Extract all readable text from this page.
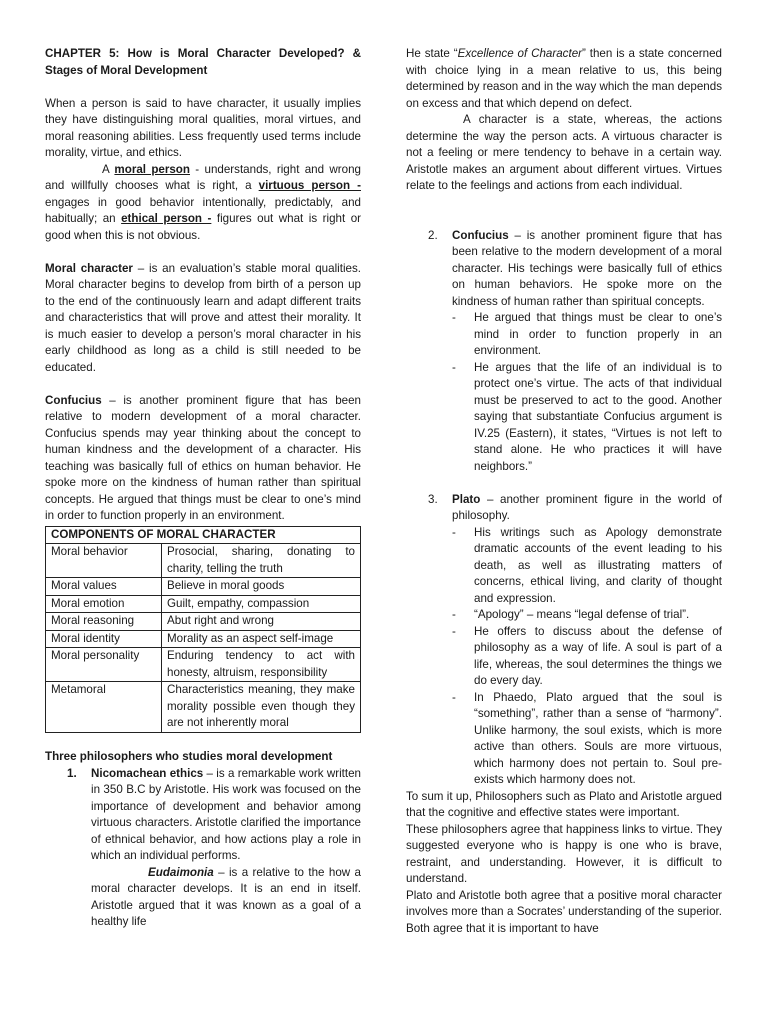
CHAPTER 5: How is Moral Character Developed? & Stages of Moral Development

When a person is said to have character, it usually implies they have distinguishing moral qualities, moral virtues, and moral reasoning abilities. Less frequently used terms include morality, virtue, and ethics.

A moral person - understands, right and wrong and willfully chooses what is right, a virtuous person - engages in good behavior intentionally, predictably, and habitually; an ethical person - figures out what is right or good when this is not obvious.

Moral character – is an evaluation’s stable moral qualities. Moral character begins to develop from birth of a person up to the end of the continuously learn and adapt different traits and characteristics that will prove and attest their morality. It is much easier to develop a person’s moral character in his early childhood as long as a child is still needed to be educated.

Confucius – is another prominent figure that has been relative to modern development of a moral character. Confucius spends may year thinking about the concept to human kindness and the development of a character. His teaching was basically full of ethics on human behavior. He spoke more on the kindness of human rather than spiritual concepts. He argued that things must be clear to one’s mind in order to function properly in an environment.

COMPONENTS OF MORAL CHARACTER	
Moral behavior	Prosocial, sharing, donating to charity, telling the truth
Moral values	Believe in moral goods
Moral emotion	Guilt, empathy, compassion
Moral reasoning	Abut right and wrong
Moral identity	Morality as an aspect self-image
Moral personality	Enduring tendency to act with honesty, altruism, responsibility
Metamoral	Characteristics meaning, they make morality possible even though they are not inherently moral

Three philosophers who studies moral development

1.	Nicomachean ethics – is a remarkable work written in 350 B.C by Aristotle. His work was focused on the importance of development and behavior among virtuous characters. Aristotle clarified the importance of ethnical behavior, and how actions play a role in which an individual performs.

Eudaimonia – is a relative to the how a moral character develops. It is an end in itself. Aristotle argued that it was known as a goal of a healthy life

He state “Excellence of Character” then is a state concerned with choice lying in a mean relative to us, this being determined by reason and in the way which the man depends on excess and that which depend on defect.

A character is a state, whereas, the actions determine the way the person acts. A virtuous character is not a feeling or mere tendency to behave in a certain way. Aristotle makes an argument about different virtues. Virtues relate to the feelings and actions from each individual.

2.	Confucius – is another prominent figure that has been relative to the modern development of a moral character. His techings were basically full of ethics on human behaviors. He spoke more on the kindness of human rather than spiritual concepts.
-	He argued that things must be clear to one’s mind in order to function properly in an environment.
-	He argues that the life of an individual is to protect one’s virtue. The acts of that individual must be preserved to act to the good. Another saying that substantiate Confucius argument is IV.25 (Eastern), it states, “Virtues is not left to stand alone. He who practices it will have neighbors.”
3.	Plato – another prominent figure in the world of philosophy.
-	His writings such as Apology demonstrate dramatic accounts of the event leading to his death, as well as illustrating matters of concerns, ethical living, and clarity of thought and expression.
-	“Apology” – means “legal defense of trial”.
-	He offers to discuss about the defense of philosophy as a way of life. A soul is part of a life, whereas, the soul determines the things we do every day.
-	In Phaedo, Plato argued that the soul is “something”, rather than a sense of “harmony”. Unlike harmony, the soul exists, which is more active than others. Souls are more virtuous, which harmony does not pertain to. Soul pre-exists which harmony does not.

To sum it up, Philosophers such as Plato and Aristotle argued that the cognitive and effective states were important.

These philosophers agree that happiness links to virtue. They suggested everyone who is happy is one who is brave, restraint, and understanding. However, it is difficult to understand.

Plato and Aristotle both agree that a positive moral character involves more than a Socrates’ understanding of the superior. Both agree that it is important to have
